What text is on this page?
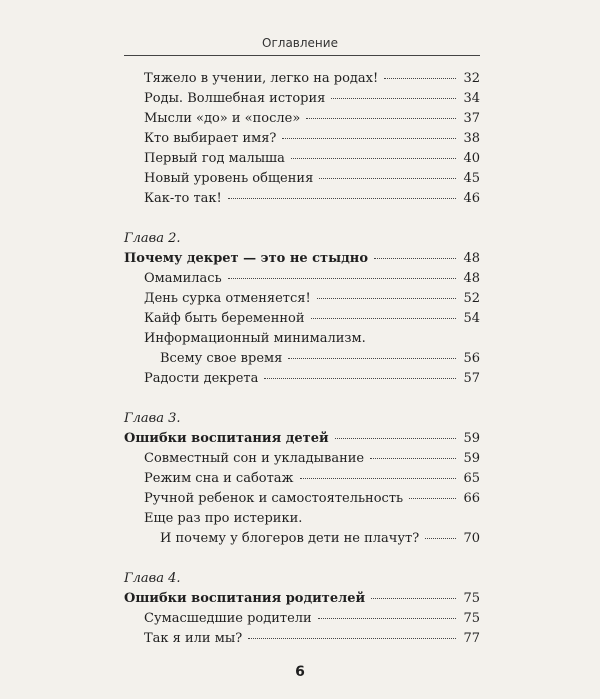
Оглавление
Тяжело в учении, легко на родах!	32
Роды. Волшебная история	34
Мысли «до» и «после»	37
Кто выбирает имя?	38
Первый год малыша	40
Новый уровень общения	45
Как-то так!	46
Глава 2.
Почему декрет — это не стыдно	48
Омамилась	48
День сурка отменяется!	52
Кайф быть беременной	54
Информационный минимализм.
Всему свое время	56
Радости декрета	57
Глава 3.
Ошибки воспитания детей	59
Совместный сон и укладывание	59
Режим сна и саботаж	65
Ручной ребенок и самостоятельность	66
Еще раз про истерики.
И почему у блогеров дети не плачут?	70
Глава 4.
Ошибки воспитания родителей	75
Сумасшедшие родители	75
Так я или мы?	77
6
